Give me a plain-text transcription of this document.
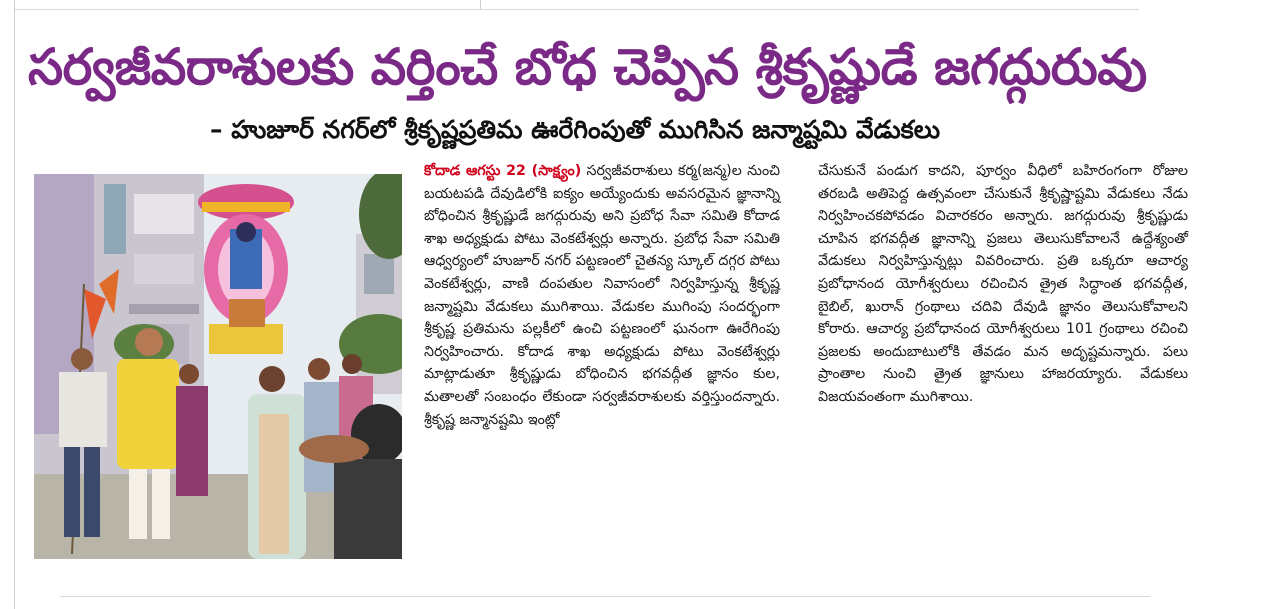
సర్వజీవరాశులకు వర్తించే బోధ చెప్పిన శ్రీకృష్ణుడే జగద్గురువు
– హుజూర్ నగర్‌లో శ్రీకృష్ణప్రతిమ ఊరేగింపుతో ముగిసిన జన్మాష్టమి వేడుకలు

కోదాడ ఆగస్టు 22 (సాక్ష్యం) సర్వజీవరాశులు కర్మ(జన్మ)ల నుంచి బయటపడి దేవుడిలోకి ఐక్యం అయ్యేందుకు అవసరమైన జ్ఞానాన్ని బోధించిన శ్రీకృష్ణుడే జగద్గురువు అని ప్రబోధ సేవా సమితి కోదాడ శాఖ అధ్యక్షుడు పోటు వెంకటేశ్వర్లు అన్నారు. ప్రబోధ సేవా సమితి ఆధ్వర్యంలో హుజూర్ నగర్ పట్టణంలో చైతన్య స్కూల్ దగ్గర పోటు వెంకటేశ్వర్లు, వాణి దంపతుల నివాసంలో నిర్వహిస్తున్న శ్రీకృష్ణ జన్మాష్టమి వేడుకలు ముగిశాయి. వేడుకల ముగింపు సందర్భంగా శ్రీకృష్ణ ప్రతిమను పల్లకీలో ఉంచి పట్టణంలో ఘనంగా ఊరేగింపు నిర్వహించారు. కోదాడ శాఖ అధ్యక్షుడు పోటు వెంకటేశ్వర్లు మాట్లాడుతూ శ్రీకృష్ణుడు బోధించిన భగవద్గీత జ్ఞానం కుల, మతాలతో సంబంధం లేకుండా సర్వజీవరాశులకు వర్తిస్తుందన్నారు. శ్రీకృష్ణ జన్మానష్టమి ఇంట్లో

చేసుకునే పండుగ కాదని, పూర్వం వీధిలో బహిరంగంగా రోజుల తరబడి అతిపెద్ద ఉత్సవంలా చేసుకునే శ్రీకృష్ణాష్టమి వేడుకలు నేడు నిర్వహించకపోవడం విచారకరం అన్నారు. జగద్గురువు శ్రీకృష్ణుడు చూపిన భగవద్గీత జ్ఞానాన్ని ప్రజలు తెలుసుకోవాలనే ఉద్దేశ్యంతో వేడుకలు నిర్వహిస్తున్నట్లు వివరించారు. ప్రతి ఒక్కరూ ఆచార్య ప్రబోధానంద యోగీశ్వరులు రచించిన త్రైత సిద్ధాంత భగవద్గీత, బైబిల్, ఖురాన్ గ్రంథాలు చదివి దేవుడి జ్ఞానం తెలుసుకోవాలని కోరారు. ఆచార్య ప్రబోధానంద యోగీశ్వరులు 101 గ్రంథాలు రచించి ప్రజలకు అందుబాటులోకి తేవడం మన అదృష్టమన్నారు. పలు ప్రాంతాల నుంచి త్రైత జ్ఞానులు హాజరయ్యారు. వేడుకలు విజయవంతంగా ముగిశాయి.
